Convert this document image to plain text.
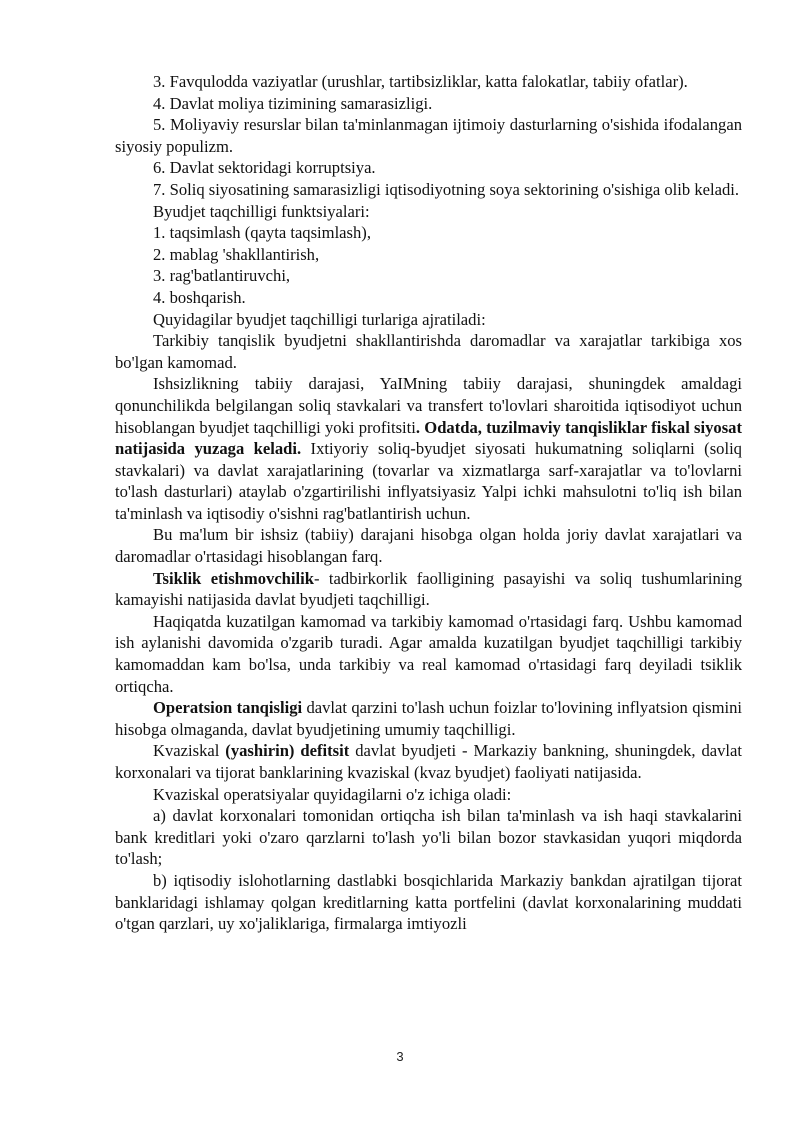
3. Favqulodda vaziyatlar (urushlar, tartibsizliklar, katta falokatlar, tabiiy ofatlar).

4. Davlat moliya tizimining samarasizligi.

5. Moliyaviy resurslar bilan ta'minlanmagan ijtimoiy dasturlarning o'sishida ifodalangan siyosiy populizm.

6. Davlat sektoridagi korruptsiya.

7. Soliq siyosatining samarasizligi iqtisodiyotning soya sektorining o'sishiga olib keladi.

Byudjet taqchilligi funktsiyalari:

1. taqsimlash (qayta taqsimlash),

2. mablag 'shakllantirish,

3. rag'batlantiruvchi,

4. boshqarish.

Quyidagilar byudjet taqchilligi turlariga ajratiladi:

Tarkibiy tanqislik byudjetni shakllantirishda daromadlar va xarajatlar tarkibiga xos bo'lgan kamomad.

Ishsizlikning tabiiy darajasi, YaIMning tabiiy darajasi, shuningdek amaldagi qonunchilikda belgilangan soliq stavkalari va transfert to'lovlari sharoitida iqtisodiyot uchun hisoblangan byudjet taqchilligi yoki profitsiti. Odatda, tuzilmaviy tanqisliklar fiskal siyosat natijasida yuzaga keladi. Ixtiyoriy soliq-byudjet siyosati hukumatning soliqlarni (soliq stavkalari) va davlat xarajatlarining (tovarlar va xizmatlarga sarf-xarajatlar va to'lovlarni to'lash dasturlari) ataylab o'zgartirilishi inflyatsiyasiz Yalpi ichki mahsulotni to'liq ish bilan ta'minlash va iqtisodiy o'sishni rag'batlantirish uchun.

Bu ma'lum bir ishsiz (tabiiy) darajani hisobga olgan holda joriy davlat xarajatlari va daromadlar o'rtasidagi hisoblangan farq.

Tsiklik etishmovchilik- tadbirkorlik faolligining pasayishi va soliq tushumlarining kamayishi natijasida davlat byudjeti taqchilligi.

Haqiqatda kuzatilgan kamomad va tarkibiy kamomad o'rtasidagi farq. Ushbu kamomad ish aylanishi davomida o'zgarib turadi. Agar amalda kuzatilgan byudjet taqchilligi tarkibiy kamomaddan kam bo'lsa, unda tarkibiy va real kamomad o'rtasidagi farq deyiladi tsiklik ortiqcha.

Operatsion tanqisligi davlat qarzini to'lash uchun foizlar to'lovining inflyatsion qismini hisobga olmaganda, davlat byudjetining umumiy taqchilligi.

Kvaziskal (yashirin) defitsit davlat byudjeti - Markaziy bankning, shuningdek, davlat korxonalari va tijorat banklarining kvaziskal (kvaz byudjet) faoliyati natijasida.

Kvaziskal operatsiyalar quyidagilarni o'z ichiga oladi:

a) davlat korxonalari tomonidan ortiqcha ish bilan ta'minlash va ish haqi stavkalarini bank kreditlari yoki o'zaro qarzlarni to'lash yo'li bilan bozor stavkasidan yuqori miqdorda to'lash;

b) iqtisodiy islohotlarning dastlabki bosqichlarida Markaziy bankdan ajratilgan tijorat banklaridagi ishlamay qolgan kreditlarning katta portfelini (davlat korxonalarining muddati o'tgan qarzlari, uy xo'jaliklariga, firmalarga imtiyozli

3
